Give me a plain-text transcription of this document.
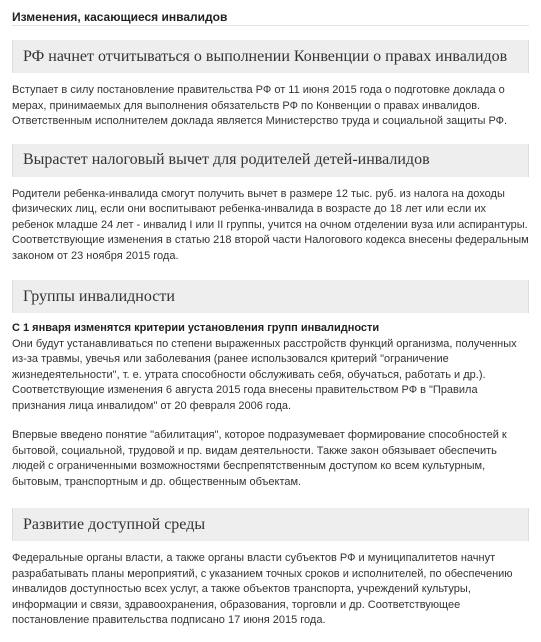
Изменения, касающиеся инвалидов
РФ начнет отчитываться о выполнении Конвенции о правах инвалидов

Вступает в силу постановление правительства РФ от 11 июня 2015 года о подготовке доклада о мерах, принимаемых для выполнения обязательств РФ по Конвенции о правах инвалидов. Ответственным исполнителем доклада является Министерство труда и социальной защиты РФ.

Вырастет налоговый вычет для родителей детей-инвалидов

Родители ребенка-инвалида смогут получить вычет в размере 12 тыс. руб. из налога на доходы физических лиц, если они воспитывают ребенка-инвалида в возрасте до 18 лет или если их ребенок младше 24 лет - инвалид I или II группы, учится на очном отделении вуза или аспирантуры. Соответствующие изменения в статью 218 второй части Налогового кодекса внесены федеральным законом от 23 ноября 2015 года.

Группы инвалидности

С 1 января изменятся критерии установления групп инвалидности

Они будут устанавливаться по степени выраженных расстройств функций организма, полученных из-за травмы, увечья или заболевания (ранее использовался критерий "ограничение жизнедеятельности", т. е. утрата способности обслуживать себя, обучаться, работать и др.). Соответствующие изменения 6 августа 2015 года внесены правительством РФ в "Правила признания лица инвалидом" от 20 февраля 2006 года.

Впервые введено понятие "абилитация", которое подразумевает формирование способностей к бытовой, социальной, трудовой и пр. видам деятельности. Также закон обязывает обеспечить людей с ограниченными возможностями беспрепятственным доступом ко всем культурным, бытовым, транспортным и др. общественным объектам.

Развитие доступной среды

Федеральные органы власти, а также органы власти субъектов РФ и муниципалитетов начнут разрабатывать планы мероприятий, с указанием точных сроков и исполнителей, по обеспечению инвалидов доступностью всех услуг, а также объектов транспорта, учреждений культуры, информации и связи, здравоохранения, образования, торговли и др. Соответствующее постановление правительства подписано 17 июня 2015 года.
